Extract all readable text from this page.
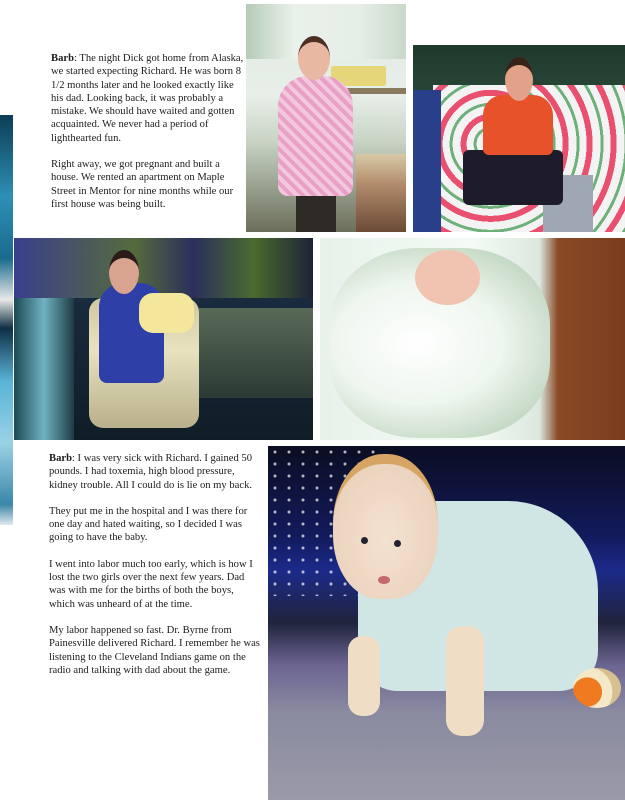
Barb: The night Dick got home from Alaska, we started expecting Richard. He was born 8 1/2 months later and he looked exactly like his dad. Looking back, it was probably a mistake. We should have waited and gotten acquainted. We never had a period of lighthearted fun.

Right away, we got pregnant and built a house. We rented an apartment on Maple Street in Mentor for nine months while our first house was being built.

Barb: I was very sick with Richard. I gained 50 pounds. I had toxemia, high blood pressure, kidney trouble. All I could do is lie on my back.

They put me in the hospital and I was there for one day and hated waiting, so I decided I was going to have the baby.

I went into labor much too early, which is how I lost the two girls over the next few years. Dad was with me for the births of both the boys, which was unheard of at the time.

My labor happened so fast. Dr. Byrne from Painesville delivered Richard. I remember he was listening to the Cleveland Indians game on the radio and talking with dad about the game.
